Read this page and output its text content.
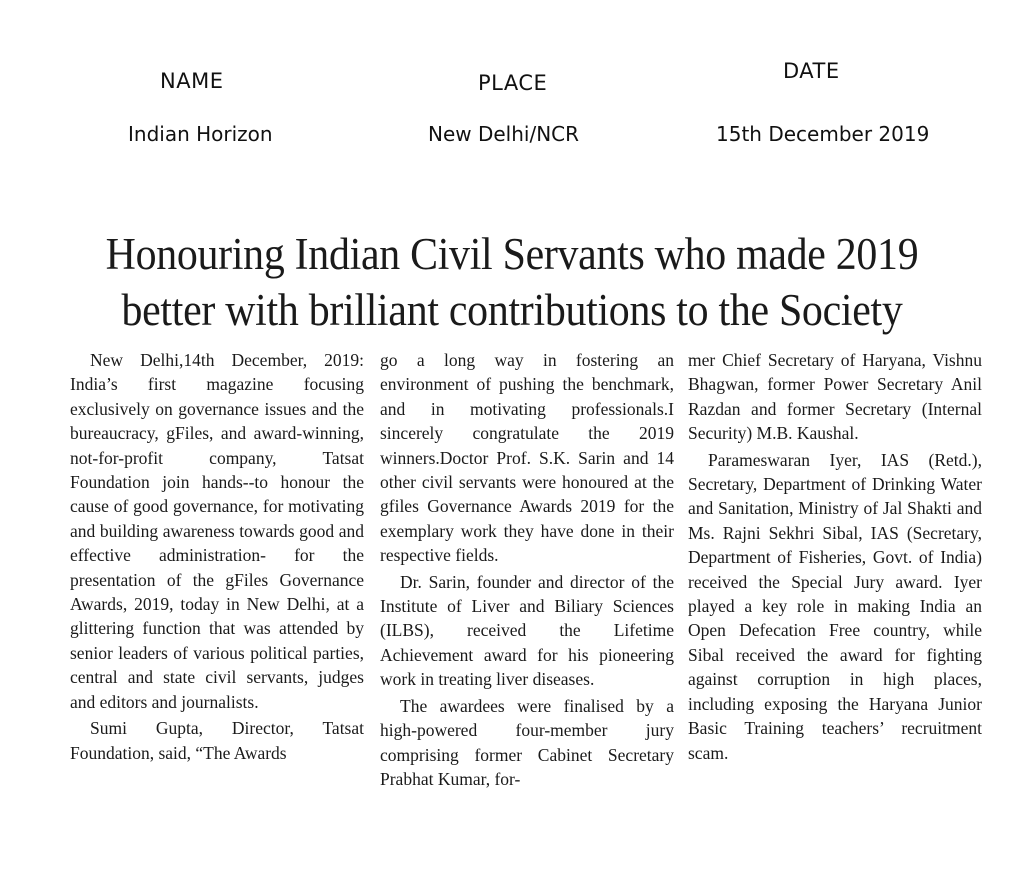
NAME	PLACE	DATE
Indian Horizon	New Delhi/NCR	15th December 2019
Honouring Indian Civil Servants who made 2019
better with brilliant contributions to the Society

New Delhi,14th December, 2019: India’s first magazine focusing exclusively on governance issues and the bureaucracy, gFiles, and award-winning, not-for-profit company, Tatsat Foundation join hands--to honour the cause of good governance, for motivating and building awareness towards good and effective administration- for the presentation of the gFiles Governance Awards, 2019, today in New Delhi, at a glittering function that was attended by senior leaders of various political parties, central and state civil servants, judges and editors and journalists.

Sumi Gupta, Director, Tatsat Foundation, said, “The Awards

go a long way in fostering an environment of pushing the benchmark, and in motivating professionals.I sincerely congratulate the 2019 winners.Doctor Prof. S.K. Sarin and 14 other civil servants were honoured at the gfiles Governance Awards 2019 for the exemplary work they have done in their respective fields.

Dr. Sarin, founder and director of the Institute of Liver and Biliary Sciences (ILBS), received the Lifetime Achievement award for his pioneering work in treating liver diseases.

The awardees were finalised by a high-powered four-member jury comprising former Cabinet Secretary Prabhat Kumar, for-

mer Chief Secretary of Haryana, Vishnu Bhagwan, former Power Secretary Anil Razdan and former Secretary (Internal Security) M.B. Kaushal.

Parameswaran Iyer, IAS (Retd.), Secretary, Department of Drinking Water and Sanitation, Ministry of Jal Shakti and Ms. Rajni Sekhri Sibal, IAS (Secretary, Department of Fisheries, Govt. of India) received the Special Jury award. Iyer played a key role in making India an Open Defecation Free country, while Sibal received the award for fighting against corruption in high places, including exposing the Haryana Junior Basic Training teachers’ recruitment scam.
